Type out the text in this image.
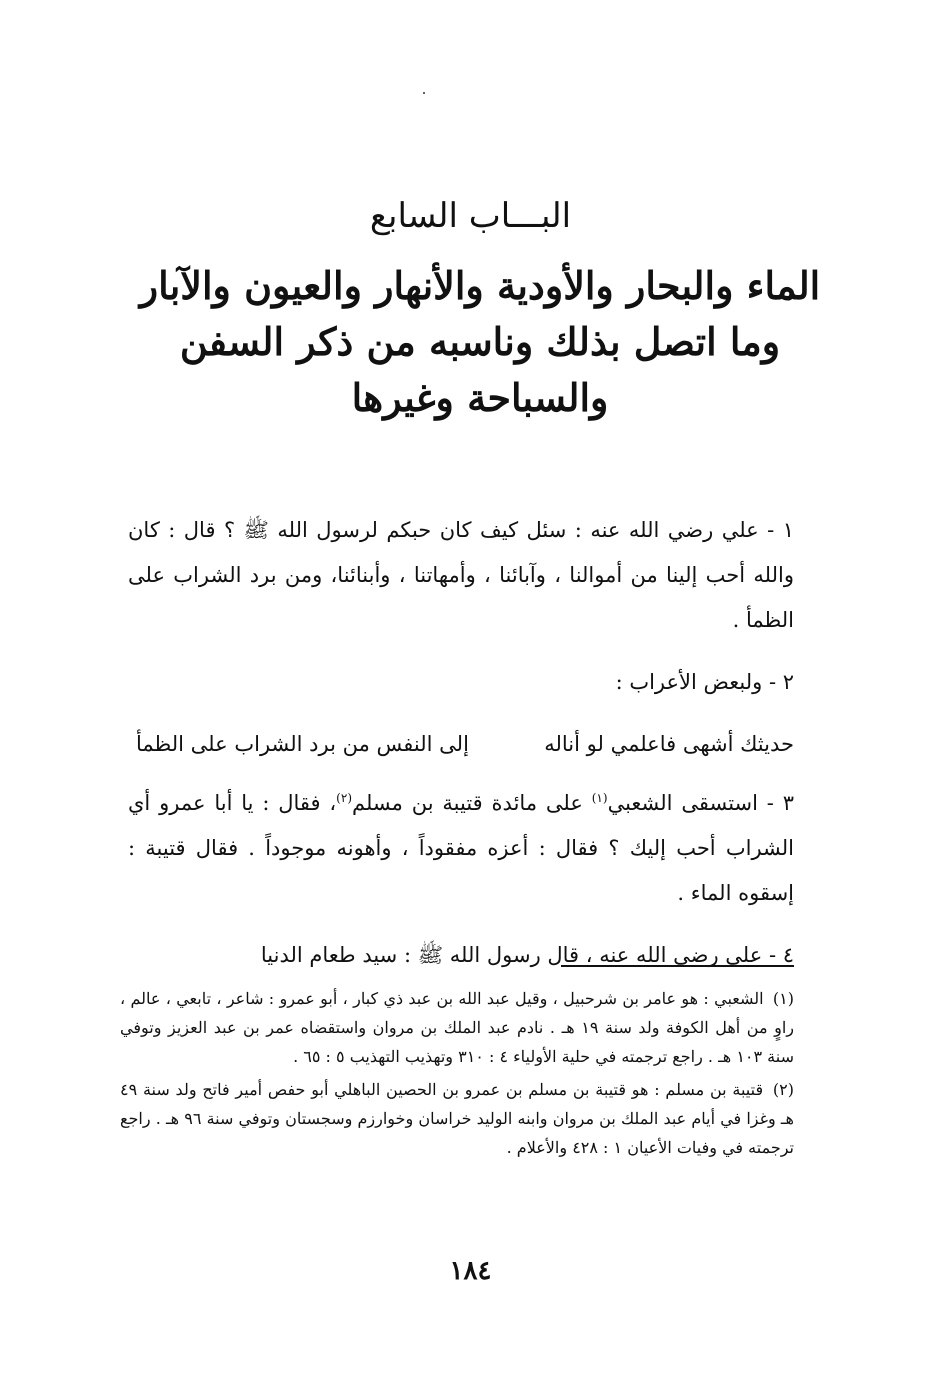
البـــاب السابع
الماء والبحار والأودية والأنهار والعيون والآبار
وما اتصل بذلك وناسبه من ذكر السفن
والسباحة وغيرها

١ - علي رضي الله عنه : سئل كيف كان حبكم لرسول الله ﷺ ؟ قال : كان والله أحب إلينا من أموالنا ، وآبائنا ، وأمهاتنا ، وأبنائنا، ومن برد الشراب على الظمأ .

٢ - ولبعض الأعراب :

حديثك أشهى فاعلمي لو أناله
إلى النفس من برد الشراب على الظمأ

٣ - استسقى الشعبي$^{(١)}$ على مائدة قتيبة بن مسلم$^{(٢)}$، فقال : يا أبا عمرو أي الشراب أحب إليك ؟ فقال : أعزه مفقوداً ، وأهونه موجوداً . فقال قتيبة : إسقوه الماء .

٤ - علي رضي الله عنه ، قال رسول الله ﷺ : سيد طعام الدنيا

(١) الشعبي : هو عامر بن شرحبيل ، وقيل عبد الله بن عبد ذي كبار ، أبو عمرو : شاعر ، تابعي ، عالم ، راوٍ من أهل الكوفة ولد سنة ١٩ هـ . نادم عبد الملك بن مروان واستقضاه عمر بن عبد العزيز وتوفي سنة ١٠٣ هـ . راجع ترجمته في حلية الأولياء ٤ : ٣١٠ وتهذيب التهذيب ٥ : ٦٥ .

(٢) قتيبة بن مسلم : هو قتيبة بن مسلم بن عمرو بن الحصين الباهلي أبو حفص أمير فاتح ولد سنة ٤٩ هـ وغزا في أيام عبد الملك بن مروان وابنه الوليد خراسان وخوارزم وسجستان وتوفي سنة ٩٦ هـ . راجع ترجمته في وفيات الأعيان ١ : ٤٢٨ والأعلام .

١٨٤
